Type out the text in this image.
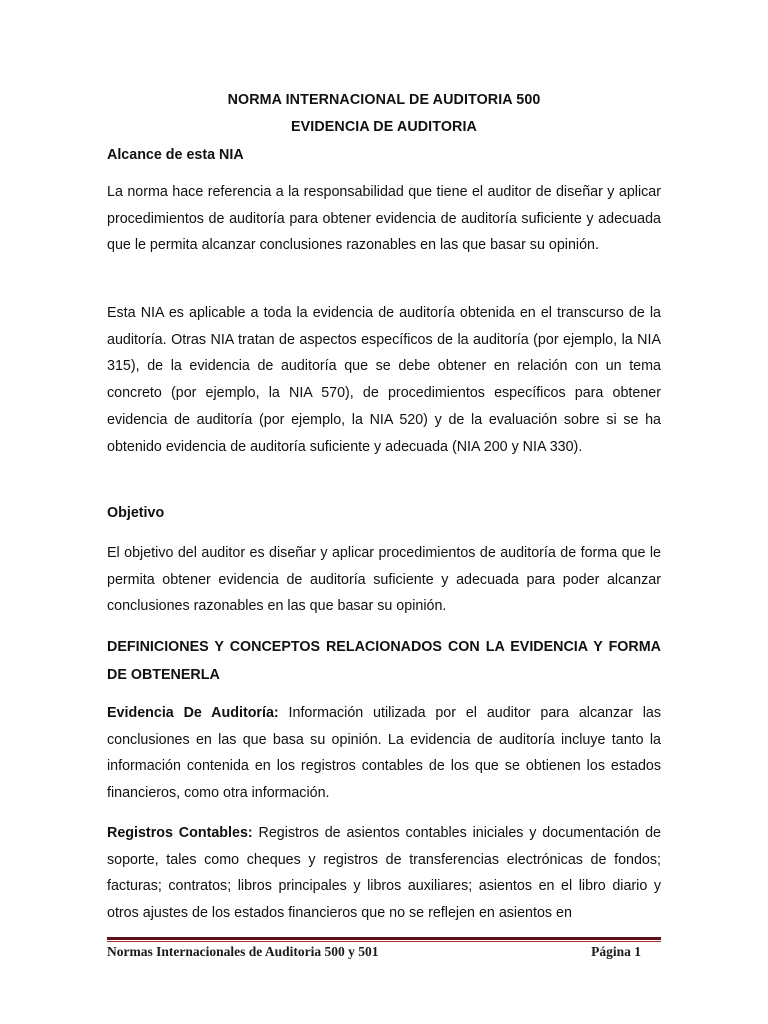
NORMA INTERNACIONAL DE AUDITORIA 500
EVIDENCIA DE AUDITORIA
Alcance de esta NIA
La norma hace referencia a la responsabilidad que tiene el auditor de diseñar y aplicar procedimientos de auditoría para obtener evidencia de auditoría suficiente y adecuada que le permita alcanzar conclusiones razonables en las que basar su opinión.
Esta NIA es aplicable a toda la evidencia de auditoría obtenida en el transcurso de la auditoría. Otras NIA tratan de aspectos específicos de la auditoría (por ejemplo, la NIA 315), de la evidencia de auditoría que se debe obtener en relación con un tema concreto (por ejemplo, la NIA 570), de procedimientos específicos para obtener evidencia de auditoría (por ejemplo, la NIA 520) y de la evaluación sobre si se ha obtenido evidencia de auditoría suficiente y adecuada (NIA 200 y NIA 330).
Objetivo
El objetivo del auditor es diseñar y aplicar procedimientos de auditoría de forma que le permita obtener evidencia de auditoría suficiente y adecuada para poder alcanzar conclusiones razonables en las que basar su opinión.
DEFINICIONES Y CONCEPTOS RELACIONADOS CON LA EVIDENCIA Y FORMA DE OBTENERLA
Evidencia De Auditoría: Información utilizada por el auditor para alcanzar las conclusiones en las que basa su opinión. La evidencia de auditoría incluye tanto la información contenida en los registros contables de los que se obtienen los estados financieros, como otra información.
Registros Contables: Registros de asientos contables iniciales y documentación de soporte, tales como cheques y registros de transferencias electrónicas de fondos; facturas; contratos; libros principales y libros auxiliares; asientos en el libro diario y otros ajustes de los estados financieros que no se reflejen en asientos en
Normas Internacionales de Auditoria 500 y 501	Página 1
